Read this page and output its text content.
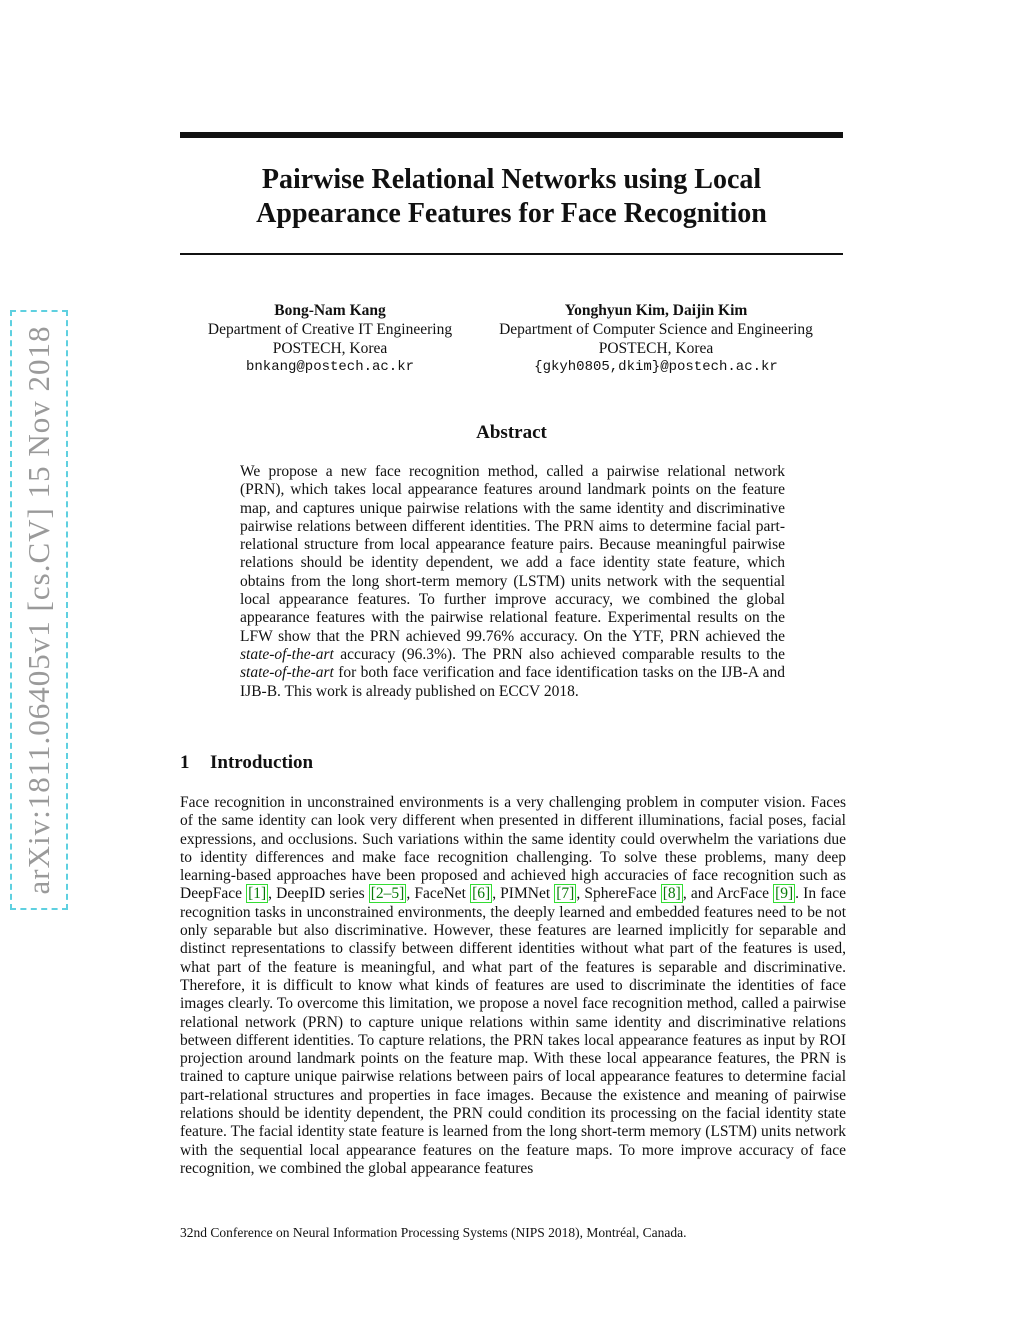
arXiv:1811.06405v1 [cs.CV] 15 Nov 2018
Pairwise Relational Networks using Local
Appearance Features for Face Recognition
Bong-Nam Kang
Department of Creative IT Engineering
POSTECH, Korea
bnkang@postech.ac.kr
Yonghyun Kim, Daijin Kim
Department of Computer Science and Engineering
POSTECH, Korea
{gkyh0805,dkim}@postech.ac.kr
Abstract
We propose a new face recognition method, called a pairwise relational network (PRN), which takes local appearance features around landmark points on the feature map, and captures unique pairwise relations with the same identity and discriminative pairwise relations between different identities. The PRN aims to determine facial part-relational structure from local appearance feature pairs. Because meaningful pairwise relations should be identity dependent, we add a face identity state feature, which obtains from the long short-term memory (LSTM) units network with the sequential local appearance features. To further improve accuracy, we combined the global appearance features with the pairwise relational feature. Experimental results on the LFW show that the PRN achieved 99.76% accuracy. On the YTF, PRN achieved the state-of-the-art accuracy (96.3%). The PRN also achieved comparable results to the state-of-the-art for both face verification and face identification tasks on the IJB-A and IJB-B. This work is already published on ECCV 2018.
1 Introduction
Face recognition in unconstrained environments is a very challenging problem in computer vision. Faces of the same identity can look very different when presented in different illuminations, facial poses, facial expressions, and occlusions. Such variations within the same identity could overwhelm the variations due to identity differences and make face recognition challenging. To solve these problems, many deep learning-based approaches have been proposed and achieved high accuracies of face recognition such as DeepFace [1] , DeepID series [2–5] , FaceNet [6] , PIMNet [7] , SphereFace [8] , and ArcFace [9] . In face recognition tasks in unconstrained environments, the deeply learned and embedded features need to be not only separable but also discriminative. However, these features are learned implicitly for separable and distinct representations to classify between different identities without what part of the features is used, what part of the feature is meaningful, and what part of the features is separable and discriminative. Therefore, it is difficult to know what kinds of features are used to discriminate the identities of face images clearly. To overcome this limitation, we propose a novel face recognition method, called a pairwise relational network (PRN) to capture unique relations within same identity and discriminative relations between different identities. To capture relations, the PRN takes local appearance features as input by ROI projection around landmark points on the feature map. With these local appearance features, the PRN is trained to capture unique pairwise relations between pairs of local appearance features to determine facial part-relational structures and properties in face images. Because the existence and meaning of pairwise relations should be identity dependent, the PRN could condition its processing on the facial identity state feature. The facial identity state feature is learned from the long short-term memory (LSTM) units network with the sequential local appearance features on the feature maps. To more improve accuracy of face recognition, we combined the global appearance features
32nd Conference on Neural Information Processing Systems (NIPS 2018), Montréal, Canada.
